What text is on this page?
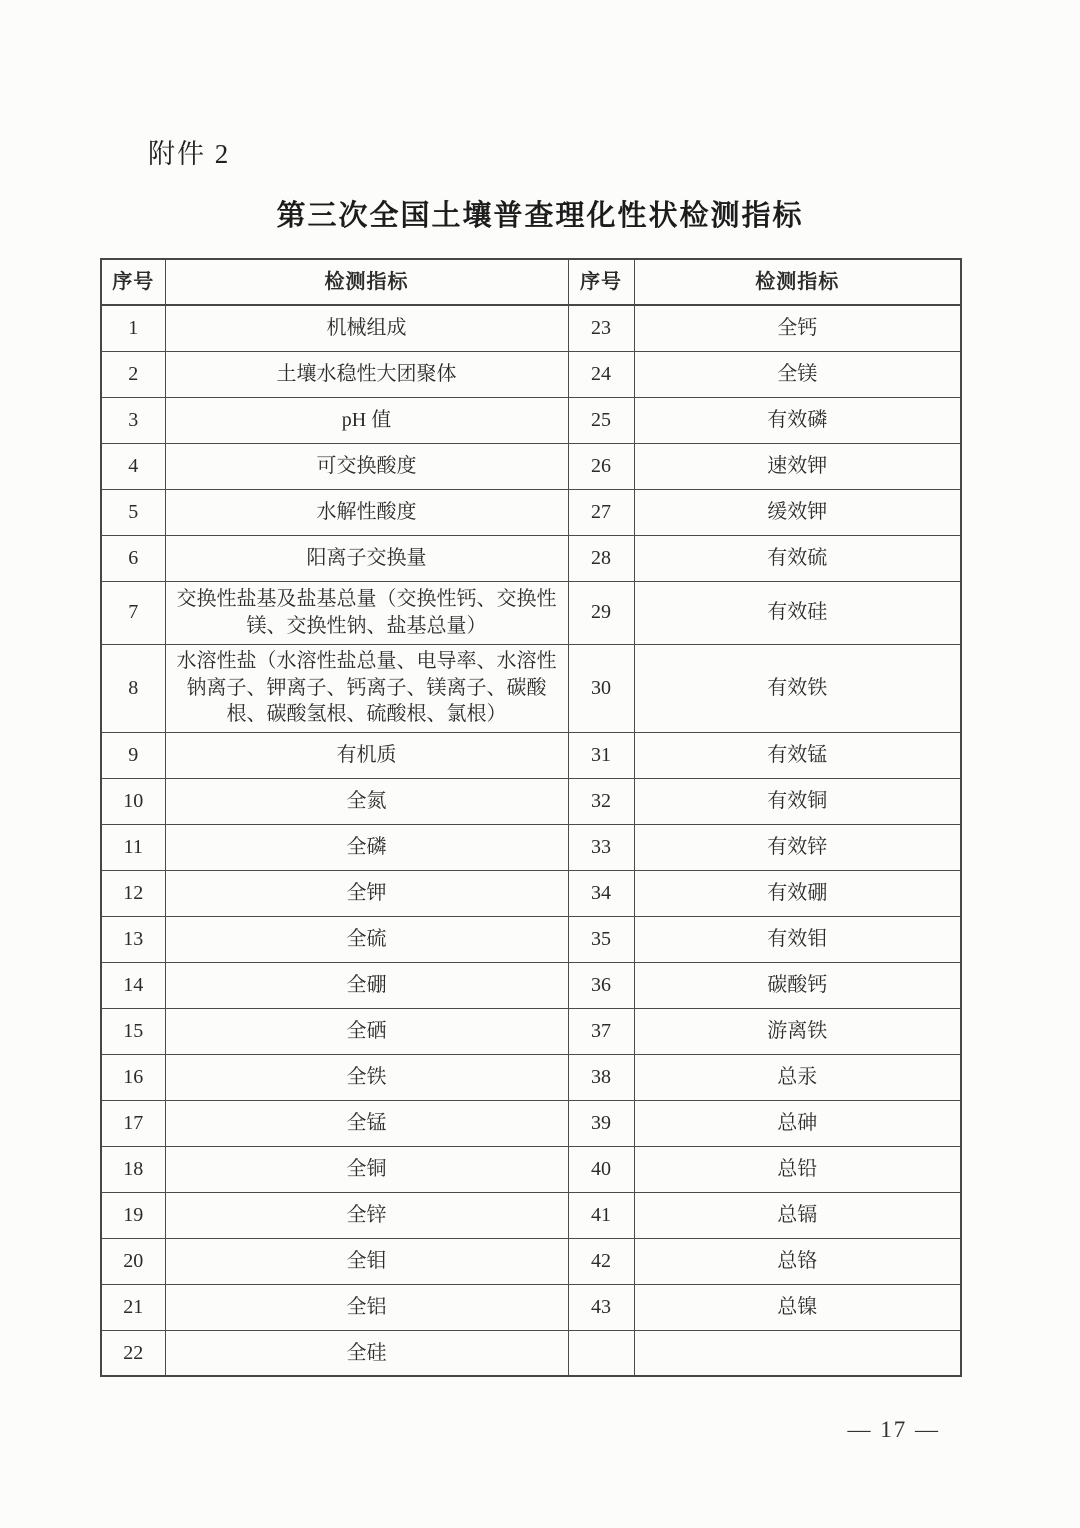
附件 2
第三次全国土壤普查理化性状检测指标
序号	检测指标	序号	检测指标
1	机械组成	23	全钙
2	土壤水稳性大团聚体	24	全镁
3	pH 值	25	有效磷
4	可交换酸度	26	速效钾
5	水解性酸度	27	缓效钾
6	阳离子交换量	28	有效硫
7	交换性盐基及盐基总量（交换性钙、交换性镁、交换性钠、盐基总量）	29	有效硅
8	水溶性盐（水溶性盐总量、电导率、水溶性钠离子、钾离子、钙离子、镁离子、碳酸根、碳酸氢根、硫酸根、氯根）	30	有效铁
9	有机质	31	有效锰
10	全氮	32	有效铜
11	全磷	33	有效锌
12	全钾	34	有效硼
13	全硫	35	有效钼
14	全硼	36	碳酸钙
15	全硒	37	游离铁
16	全铁	38	总汞
17	全锰	39	总砷
18	全铜	40	总铅
19	全锌	41	总镉
20	全钼	42	总铬
21	全铝	43	总镍
22	全硅		
— 17 —
